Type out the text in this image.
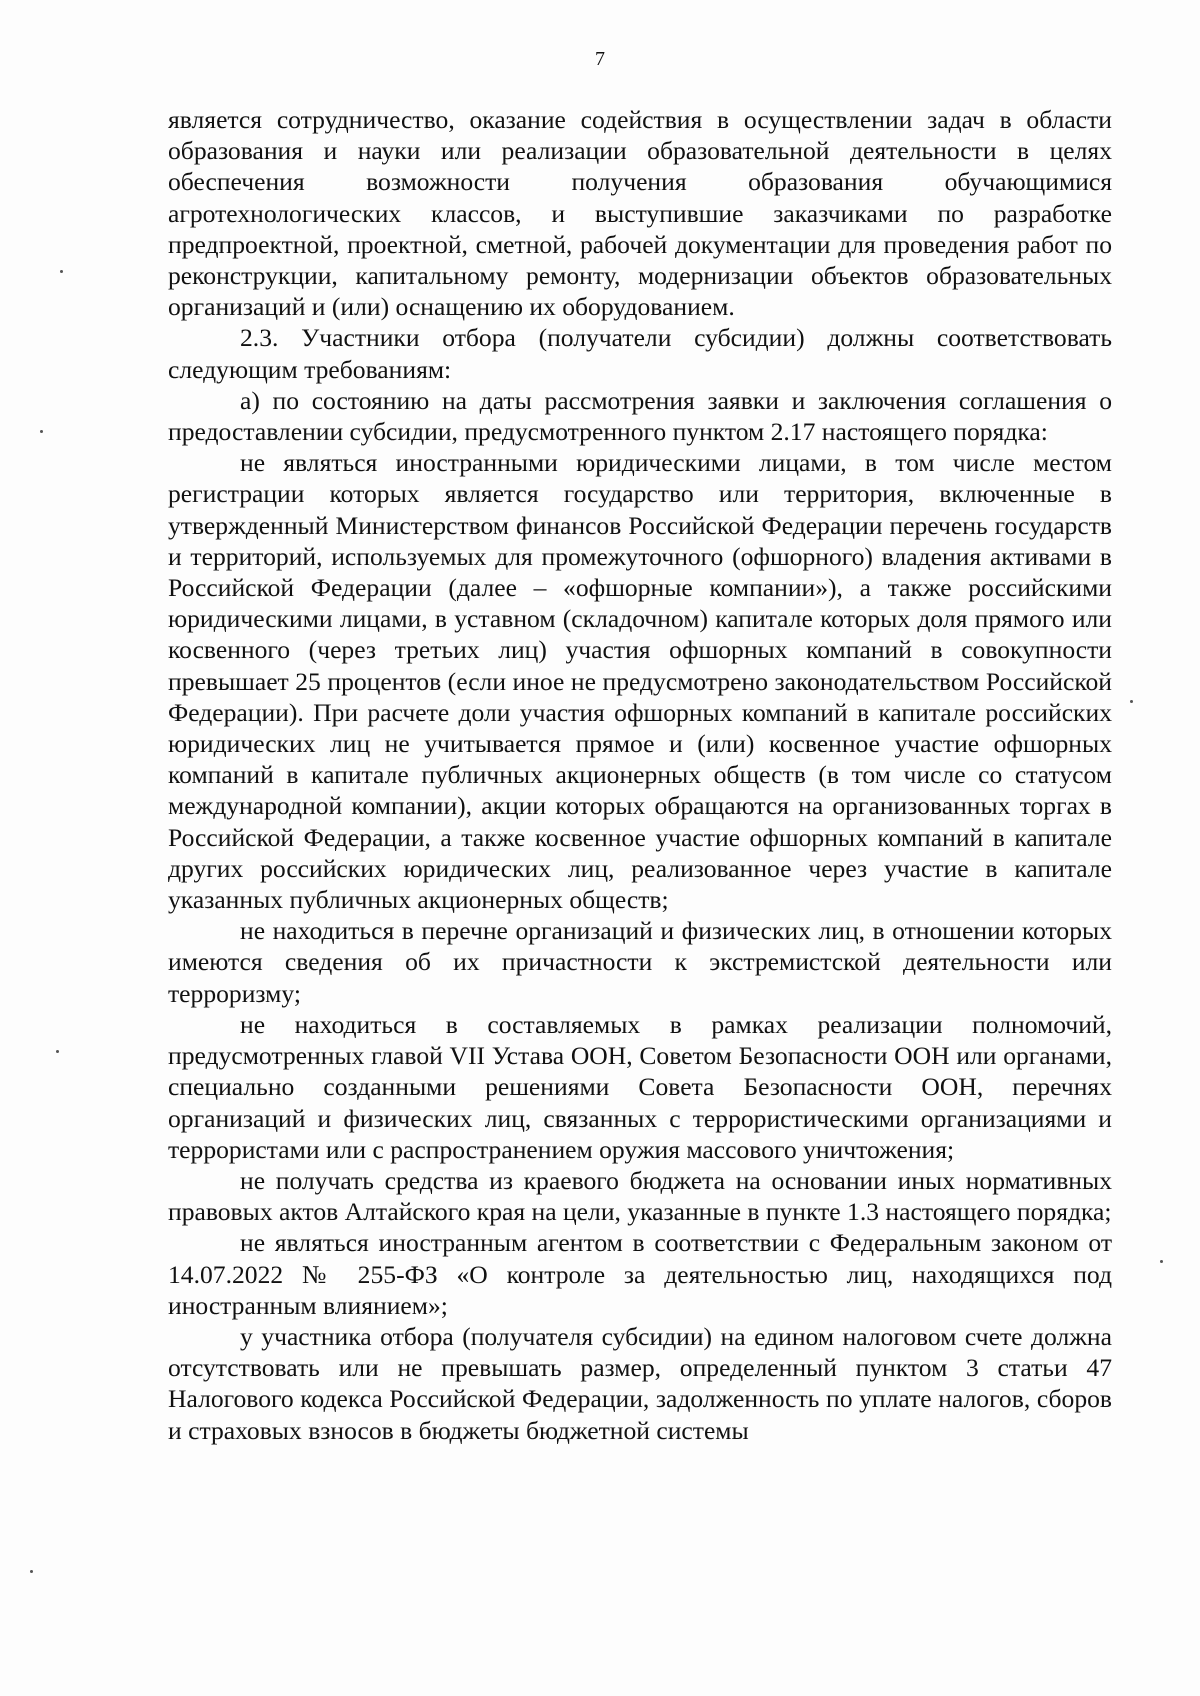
7

является сотрудничество, оказание содействия в осуществлении задач в области образования и науки или реализации образовательной деятельности в целях обеспечения возможности получения образования обучающимися агротехнологических классов, и выступившие заказчиками по разработке предпроектной, проектной, сметной, рабочей документации для проведения работ по реконструкции, капитальному ремонту, модернизации объектов образовательных организаций и (или) оснащению их оборудованием.

2.3. Участники отбора (получатели субсидии) должны соответствовать следующим требованиям:

а) по состоянию на даты рассмотрения заявки и заключения соглашения о предоставлении субсидии, предусмотренного пунктом 2.17 настоящего порядка:

не являться иностранными юридическими лицами, в том числе местом регистрации которых является государство или территория, включенные в утвержденный Министерством финансов Российской Федерации перечень государств и территорий, используемых для промежуточного (офшорного) владения активами в Российской Федерации (далее – «офшорные компании»), а также российскими юридическими лицами, в уставном (складочном) капитале которых доля прямого или косвенного (через третьих лиц) участия офшорных компаний в совокупности превышает 25 процентов (если иное не предусмотрено законодательством Российской Федерации). При расчете доли участия офшорных компаний в капитале российских юридических лиц не учитывается прямое и (или) косвенное участие офшорных компаний в капитале публичных акционерных обществ (в том числе со статусом международной компании), акции которых обращаются на организованных торгах в Российской Федерации, а также косвенное участие офшорных компаний в капитале других российских юридических лиц, реализованное через участие в капитале указанных публичных акционерных обществ;

не находиться в перечне организаций и физических лиц, в отношении которых имеются сведения об их причастности к экстремистской деятельности или терроризму;

не находиться в составляемых в рамках реализации полномочий, предусмотренных главой VII Устава ООН, Советом Безопасности ООН или органами, специально созданными решениями Совета Безопасности ООН, перечнях организаций и физических лиц, связанных с террористическими организациями и террористами или с распространением оружия массового уничтожения;

не получать средства из краевого бюджета на основании иных нормативных правовых актов Алтайского края на цели, указанные в пункте 1.3 настоящего порядка;

не являться иностранным агентом в соответствии с Федеральным законом от 14.07.2022 № 255-ФЗ «О контроле за деятельностью лиц, находящихся под иностранным влиянием»;

у участника отбора (получателя субсидии) на едином налоговом счете должна отсутствовать или не превышать размер, определенный пунктом 3 статьи 47 Налогового кодекса Российской Федерации, задолженность по уплате налогов, сборов и страховых взносов в бюджеты бюджетной системы
